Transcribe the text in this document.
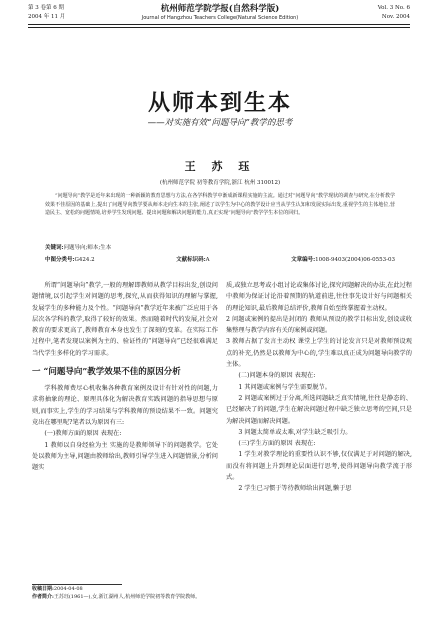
第 3 卷第 6 期
2004 年 11 月
杭州师范学院学报(自然科学版)
Journal of Hangzhou Teachers College(Natural Science Edition)
Vol. 3 No. 6
Nov. 2004
从师本到生本
——对实施有效“问题导向”教学的思考
王 苏 珏
(杭州师范学院 初等教育学院,浙江 杭州 310012)

“问题导向”教学是近年来出现的一种新颖的教育思想与方法,在各学科教学中渐成新课程实施的主流。通过对“问题导向”教学现状的调查与研究,在分析教学效果不佳原因的基础上,提出了问题导向教学要从师本走向生本的主张,阐述了以学生为中心的教学设计应当从学生认知和发展实际出发,重视学生的主体地位,营造民主、宽松的问题情境,培养学生发现问题、提出问题和解决问题的能力,真正实现“问题导向”教学学生本位的回归。

关键词:问题导向;师本;生本

中图分类号:G424.2	文献标识码:A	文章编号:1008-9403(2004)06-0553-03

所谓“问题导向”教学,一般的理解即教师从教学目标出发,创设问题情境,以引起学生对问题的思考,探究,从而获得知识的理解与掌握,发展学生的多种能力及个性。“问题导向”教学近年来被广泛应用于各层次各学科的教学,取得了较好的效果。然而随着时代的发展,社会对教育的要求更高了,教师教育本身也发生了深刻的变革。在实际工作过程中,笔者发现以案例为主的、验证性的“问题导向”已经很难满足当代学生多样化的学习需求。

一 “问题导向”教学效果不佳的原因分析

学科教师费尽心机收集各种教育案例及设计有针对性的问题,力求将抽象的理论、原理具体化为解决教育实践问题的指导思想与原则,而事实上,学生的学习结果与学科教师的预设结果不一致。问题究竟出在哪里呢?笔者以为原因有三:

(一)教师方面的原因 表现在:

1 教师以自身经验为主 实施的是教师领导下的问题教学。它处处以教师为主导,问题由教师给出,教师引导学生进入问题情景,分析问题实

质,或独立思考或小组讨论或集体讨论,探究问题解决的办法,在此过程中教师为保证讨论沿着预期的轨道前进,往往事先设计好与问题相关的理论知识,最后教师总结评价,教师自始至终掌握着主动权。
2 问题或案例的提出是封闭的 教师从预设的教学目标出发,创设或收集整理与教学内容有关的案例或问题。
3 教师占据了发言主动权 课堂上学生的讨论发言只是对教师预设观点的补充,仍然是以教师为中心的,学生难以真正成为问题导向教学的主体。

(二)问题本身的原因 表现在:

1 其问题或案例与学生需要脱节。

2 问题或案例过于分离,所选问题缺乏真实情境,往往是静态的、已经解决了的问题,学生在解决问题过程中缺乏独立思考的空间,只是为解决问题而解决问题。

3 问题太简单或太难,对学生缺乏吸引力。

(三)学生方面的原因 表现在:

1 学生对教学理论的重要性认识不够,仅仅满足于对问题的解决,而没有将问题上升到理论层面进行思考,使得问题导向教学流于形式。

2 学生已习惯于等待教师给出问题,懒于思

收稿日期:2004-04-08
作者简介:王苏珏(1961—),女,浙江湖州人,杭州师范学院初等教育学院教师。
